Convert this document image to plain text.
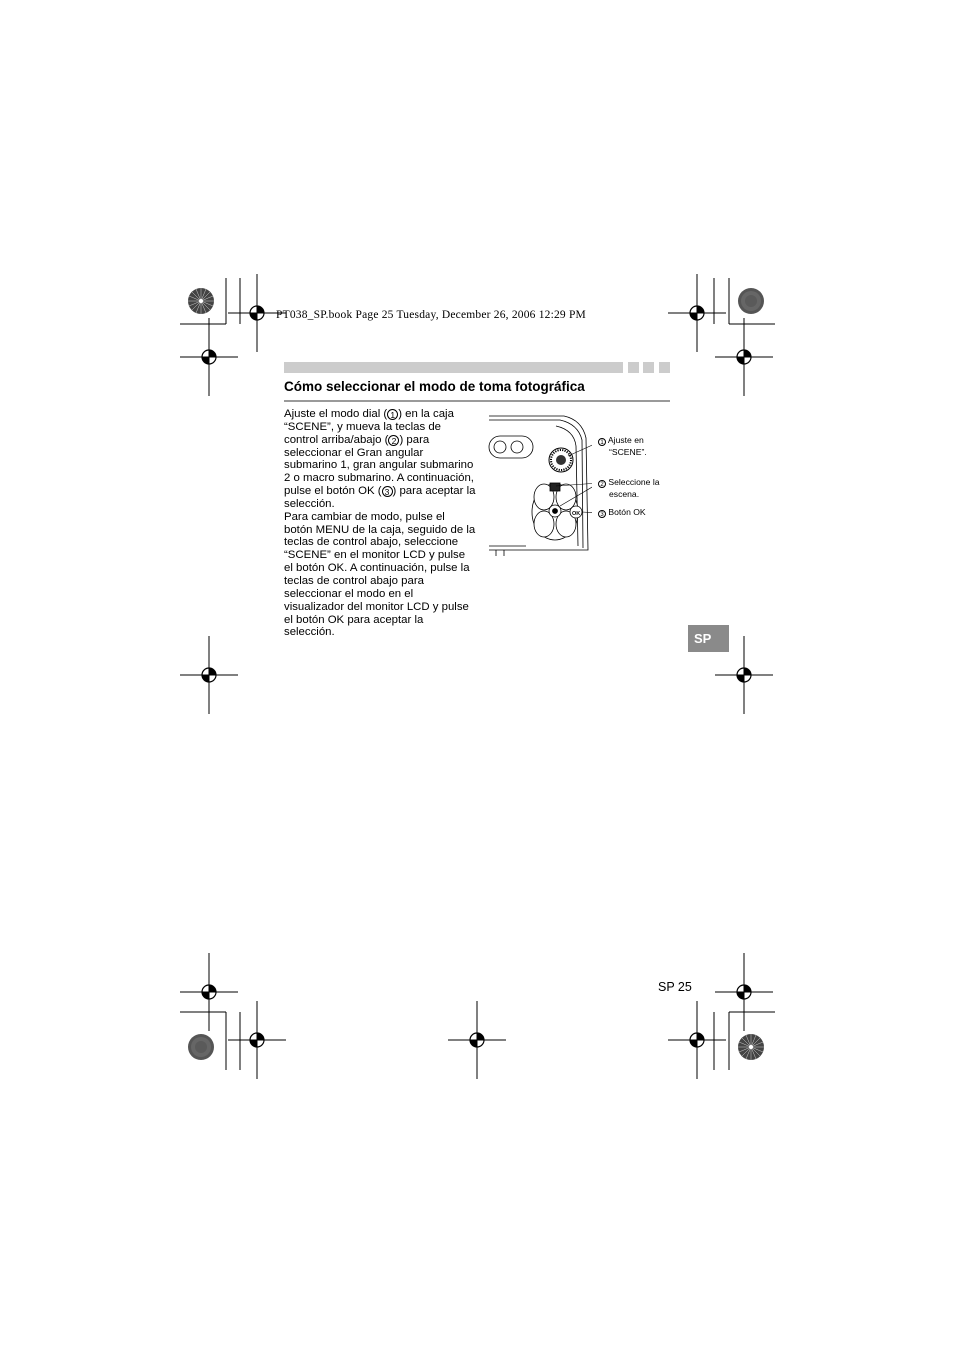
PT038_SP.book Page 25 Tuesday, December 26, 2006 12:29 PM
Cómo seleccionar el modo de toma fotográfica

Ajuste el modo dial ( 1 ) en la caja “SCENE”, y mueva la teclas de control arriba/abajo ( 2 ) para seleccionar el Gran angular submarino 1, gran angular submarino 2 o macro submarino. A continuación, pulse el botón OK ( 3 ) para aceptar la selección.

Para cambiar de modo, pulse el botón MENU de la caja, seguido de la teclas de control abajo, seleccione “SCENE” en el monitor LCD y pulse el botón OK. A continuación, pulse la teclas de control abajo para seleccionar el modo en el visualizador del monitor LCD y pulse el botón OK para aceptar la selección.

OK
1 Ajuste en
“SCENE”.
2 Seleccione la
escena.
3 Botón OK
SP
SP 25
